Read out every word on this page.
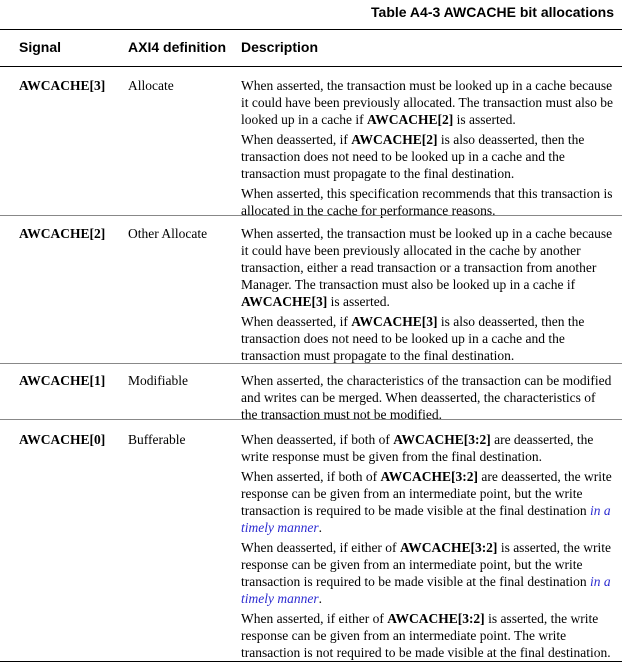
Table A4-3 AWCACHE bit allocations
Signal	AXI4 definition Description
AWCACHE[3] Allocate	When asserted, the transaction must be looked up in a cache because it could have been previously allocated. The transaction must also be looked up in a cache if AWCACHE[2] is asserted.

When deasserted, if AWCACHE[2] is also deasserted, then the transaction does not need to be looked up in a cache and the transaction must propagate to the final destination.

When asserted, this specification recommends that this transaction is allocated in the cache for performance reasons.

AWCACHE[2] Other Allocate	When asserted, the transaction must be looked up in a cache because it could have been previously allocated in the cache by another transaction, either a read transaction or a transaction from another Manager. The transaction must also be looked up in a cache if AWCACHE[3] is asserted.

When deasserted, if AWCACHE[3] is also deasserted, then the transaction does not need to be looked up in a cache and the transaction must propagate to the final destination.

AWCACHE[1] Modifiable	When asserted, the characteristics of the transaction can be modified and writes can be merged. When deasserted, the characteristics of the transaction must not be modified.

AWCACHE[0] Bufferable	When deasserted, if both of AWCACHE[3:2] are deasserted, the write response must be given from the final destination.

When asserted, if both of AWCACHE[3:2] are deasserted, the write response can be given from an intermediate point, but the write transaction is required to be made visible at the final destination in a timely manner.

When deasserted, if either of AWCACHE[3:2] is asserted, the write response can be given from an intermediate point, but the write transaction is required to be made visible at the final destination in a timely manner.

When asserted, if either of AWCACHE[3:2] is asserted, the write response can be given from an intermediate point. The write transaction is not required to be made visible at the final destination.
